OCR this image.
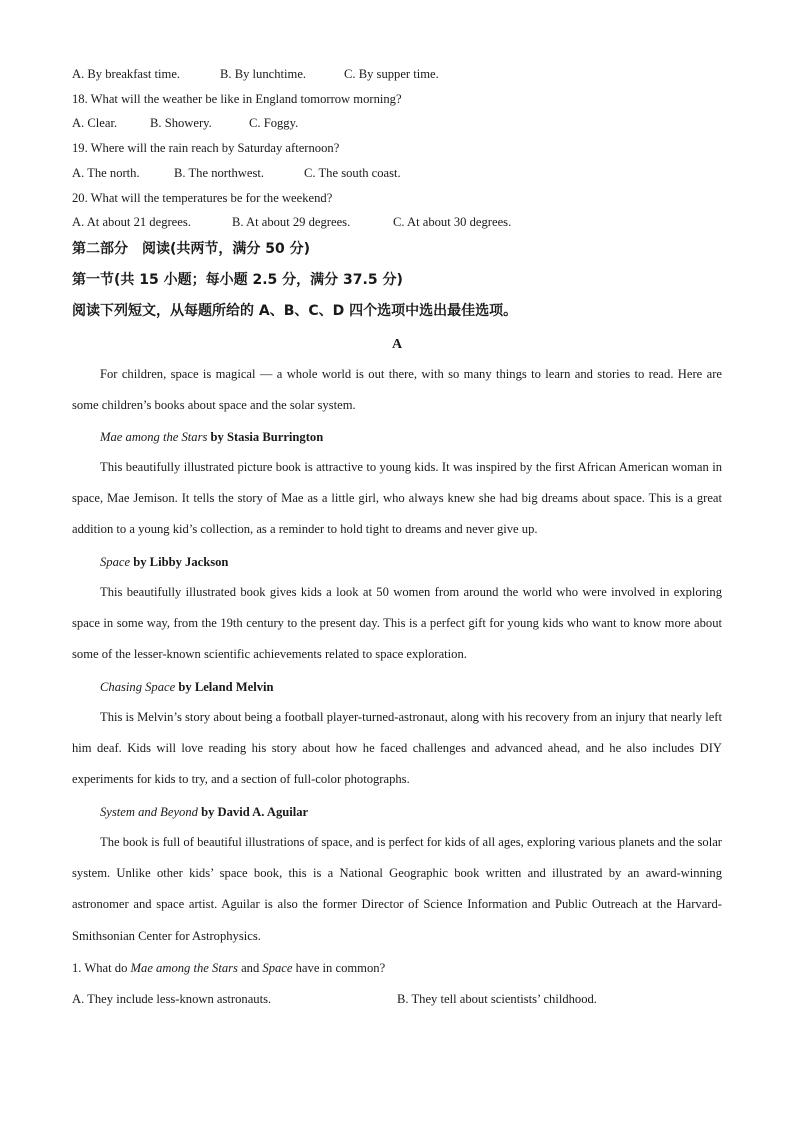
A. By breakfast time.	B. By lunchtime.	C. By supper time.
18. What will the weather be like in England tomorrow morning?
A. Clear.	B. Showery.	C. Foggy.
19. Where will the rain reach by Saturday afternoon?
A. The north.	B. The northwest.	C. The south coast.
20. What will the temperatures be for the weekend?
A. At about 21 degrees.	B. At about 29 degrees.	C. At about 30 degrees.
第二部分　阅读(共两节，满分 50 分)
第一节(共 15 小题；每小题 2.5 分，满分 37.5 分)
阅读下列短文，从每题所给的 A、B、C、D 四个选项中选出最佳选项。
A

For children, space is magical — a whole world is out there, with so many things to learn and stories to read. Here are some children’s books about space and the solar system.

Mae among the Stars by Stasia Burrington

This beautifully illustrated picture book is attractive to young kids. It was inspired by the first African American woman in space, Mae Jemison. It tells the story of Mae as a little girl, who always knew she had big dreams about space. This is a great addition to a young kid’s collection, as a reminder to hold tight to dreams and never give up.

Space by Libby Jackson

This beautifully illustrated book gives kids a look at 50 women from around the world who were involved in exploring space in some way, from the 19th century to the present day. This is a perfect gift for young kids who want to know more about some of the lesser-known scientific achievements related to space exploration.

Chasing Space by Leland Melvin

This is Melvin’s story about being a football player-turned-astronaut, along with his recovery from an injury that nearly left him deaf. Kids will love reading his story about how he faced challenges and advanced ahead, and he also includes DIY experiments for kids to try, and a section of full-color photographs.

System and Beyond by David A. Aguilar

The book is full of beautiful illustrations of space, and is perfect for kids of all ages, exploring various planets and the solar system. Unlike other kids’ space book, this is a National Geographic book written and illustrated by an award-winning astronomer and space artist. Aguilar is also the former Director of Science Information and Public Outreach at the Harvard-Smithsonian Center for Astrophysics.

1. What do Mae among the Stars and Space have in common?
A. They include less-known astronauts.	B. They tell about scientists’ childhood.
